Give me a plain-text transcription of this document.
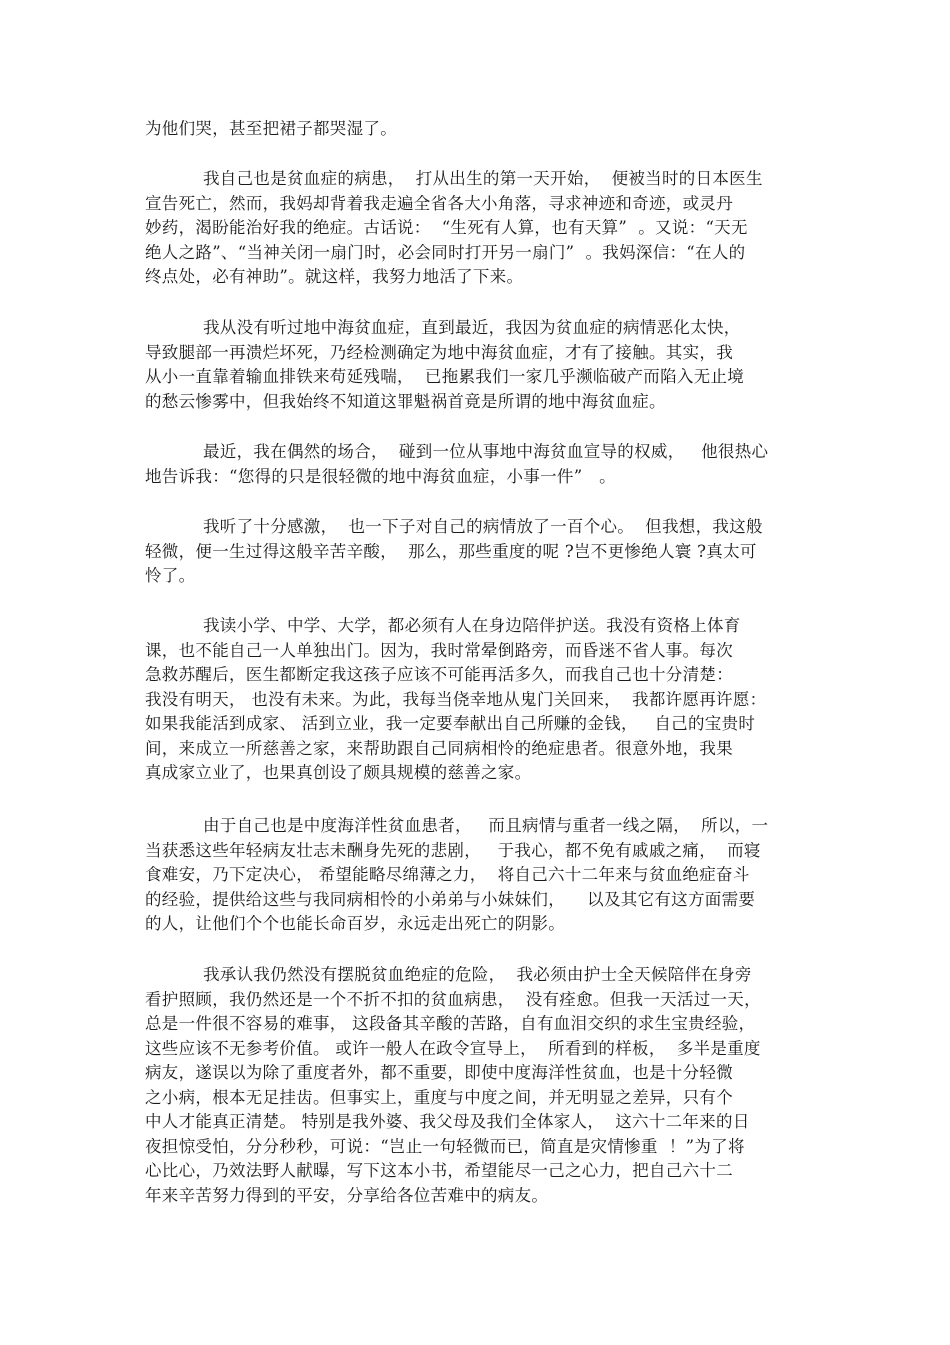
为他们哭，甚至把裙子都哭湿了。
我自己也是贫血症的病患，  打从出生的第一天开始，  便被当时的日本医生
宣告死亡，然而，我妈却背着我走遍全省各大小角落，寻求神迹和奇迹，或灵丹
妙药，渴盼能治好我的绝症。古话说：  “生死有人算，也有天算”  。又说：“天无
绝人之路”、“当神关闭一扇门时，必会同时打开另一扇门”  。我妈深信：“在人的
终点处，必有神助”。就这样，我努力地活了下来。
我从没有听过地中海贫血症，直到最近，我因为贫血症的病情恶化太快，
导致腿部一再溃烂坏死，乃经检测确定为地中海贫血症，才有了接触。其实，我
从小一直靠着输血排铁来苟延残喘，  已拖累我们一家几乎濒临破产而陷入无止境
的愁云惨雾中，但我始终不知道这罪魁祸首竟是所谓的地中海贫血症。
最近，我在偶然的场合，  碰到一位从事地中海贫血宣导的权威，   他很热心
地告诉我：“您得的只是很轻微的地中海贫血症，小事一件”   。
我听了十分感激，  也一下子对自己的病情放了一百个心。  但我想，我这般
轻微，便一生过得这般辛苦辛酸，  那么，那些重度的呢 ?岂不更惨绝人寰 ?真太可
怜了。
我读小学、中学、大学，都必须有人在身边陪伴护送。我没有资格上体育
课，也不能自己一人单独出门。因为，我时常晕倒路旁，而昏迷不省人事。每次
急救苏醒后，医生都断定我这孩子应该不可能再活多久，而我自己也十分清楚：
我没有明天， 也没有未来。为此，我每当侥幸地从鬼门关回来，  我都许愿再许愿：
如果我能活到成家、 活到立业，我一定要奉献出自己所赚的金钱，   自己的宝贵时
间，来成立一所慈善之家，来帮助跟自己同病相怜的绝症患者。很意外地，我果
真成家立业了，也果真创设了颇具规模的慈善之家。
由于自己也是中度海洋性贫血患者，   而且病情与重者一线之隔，  所以，一
当获悉这些年轻病友壮志未酬身先死的悲剧，   于我心，都不免有戚戚之痛，  而寝
食难安，乃下定决心， 希望能略尽绵薄之力，  将自己六十二年来与贫血绝症奋斗
的经验，提供给这些与我同病相怜的小弟弟与小妹妹们，    以及其它有这方面需要
的人，让他们个个也能长命百岁，永远走出死亡的阴影。
我承认我仍然没有摆脱贫血绝症的危险，  我必须由护士全天候陪伴在身旁
看护照顾，我仍然还是一个不折不扣的贫血病患，  没有痊愈。但我一天活过一天，
总是一件很不容易的难事， 这段备其辛酸的苦路，自有血泪交织的求生宝贵经验，
这些应该不无参考价值。 或许一般人在政令宣导上，  所看到的样板，  多半是重度
病友，遂误以为除了重度者外，都不重要，即使中度海洋性贫血，也是十分轻微
之小病，根本无足挂齿。但事实上，重度与中度之间，并无明显之差异，只有个
中人才能真正清楚。 特别是我外婆、我父母及我们全体家人，  这六十二年来的日
夜担惊受怕，分分秒秒，可说：“岂止一句轻微而已，简直是灾情惨重  ！”为了将
心比心，乃效法野人献曝，写下这本小书，希望能尽一己之心力，把自己六十二
年来辛苦努力得到的平安，分享给各位苦难中的病友。
